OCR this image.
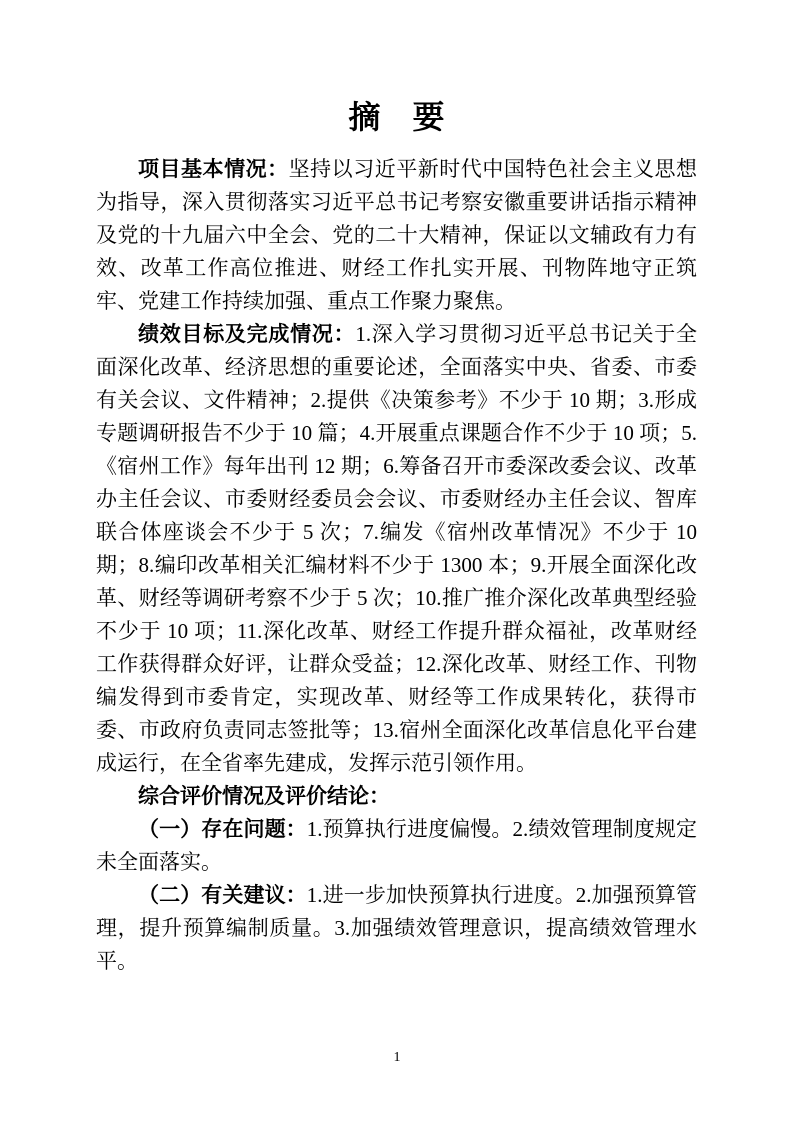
摘　要

项目基本情况：坚持以习近平新时代中国特色社会主义思想为指导，深入贯彻落实习近平总书记考察安徽重要讲话指示精神及党的十九届六中全会、党的二十大精神，保证以文辅政有力有效、改革工作高位推进、财经工作扎实开展、刊物阵地守正筑牢、党建工作持续加强、重点工作聚力聚焦。

绩效目标及完成情况：1.深入学习贯彻习近平总书记关于全面深化改革、经济思想的重要论述，全面落实中央、省委、市委有关会议、文件精神；2.提供《决策参考》不少于 10 期；3.形成专题调研报告不少于 10 篇；4.开展重点课题合作不少于 10 项；5.《宿州工作》每年出刊 12 期；6.筹备召开市委深改委会议、改革办主任会议、市委财经委员会会议、市委财经办主任会议、智库联合体座谈会不少于 5 次；7.编发《宿州改革情况》不少于 10 期；8.编印改革相关汇编材料不少于 1300 本；9.开展全面深化改革、财经等调研考察不少于 5 次；10.推广推介深化改革典型经验不少于 10 项；11.深化改革、财经工作提升群众福祉，改革财经工作获得群众好评，让群众受益；12.深化改革、财经工作、刊物编发得到市委肯定，实现改革、财经等工作成果转化，获得市委、市政府负责同志签批等；13.宿州全面深化改革信息化平台建成运行，在全省率先建成，发挥示范引领作用。

综合评价情况及评价结论：

（一）存在问题：1.预算执行进度偏慢。2.绩效管理制度规定未全面落实。

（二）有关建议：1.进一步加快预算执行进度。2.加强预算管理，提升预算编制质量。3.加强绩效管理意识，提高绩效管理水平。

1
